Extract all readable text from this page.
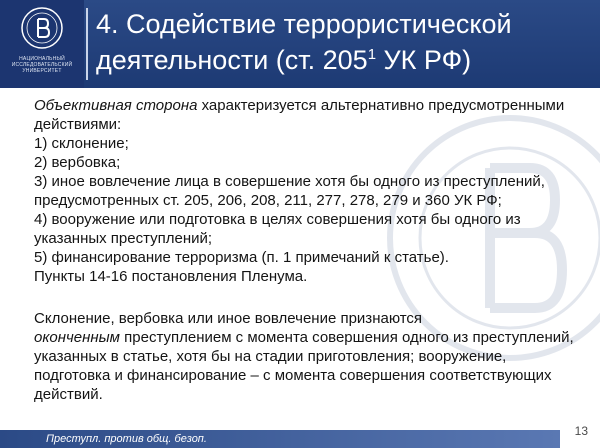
НАЦИОНАЛЬНЫЙ ИССЛЕДОВАТЕЛЬСКИЙ УНИВЕРСИТЕТ
4. Содействие террористической
деятельности (ст. $205^1$ УК РФ)

Объективная сторона характеризуется альтернативно предусмотренными действиями:

1) склонение;

2) вербовка;

3) иное вовлечение лица в совершение хотя бы одного из преступлений, предусмотренных ст. 205, 206, 208, 211, 277, 278, 279 и 360 УК РФ;

4) вооружение или подготовка в целях совершения хотя бы одного из указанных преступлений;

5) финансирование терроризма (п. 1 примечаний к статье).

Пункты 14-16 постановления Пленума.

Склонение, вербовка или иное вовлечение признаются
оконченным преступлением с момента совершения одного из преступлений, указанных в статье, хотя бы на стадии приготовления; вооружение, подготовка и финансирование – с момента совершения соответствующих действий.

Преступл. против общ. безоп.
13
